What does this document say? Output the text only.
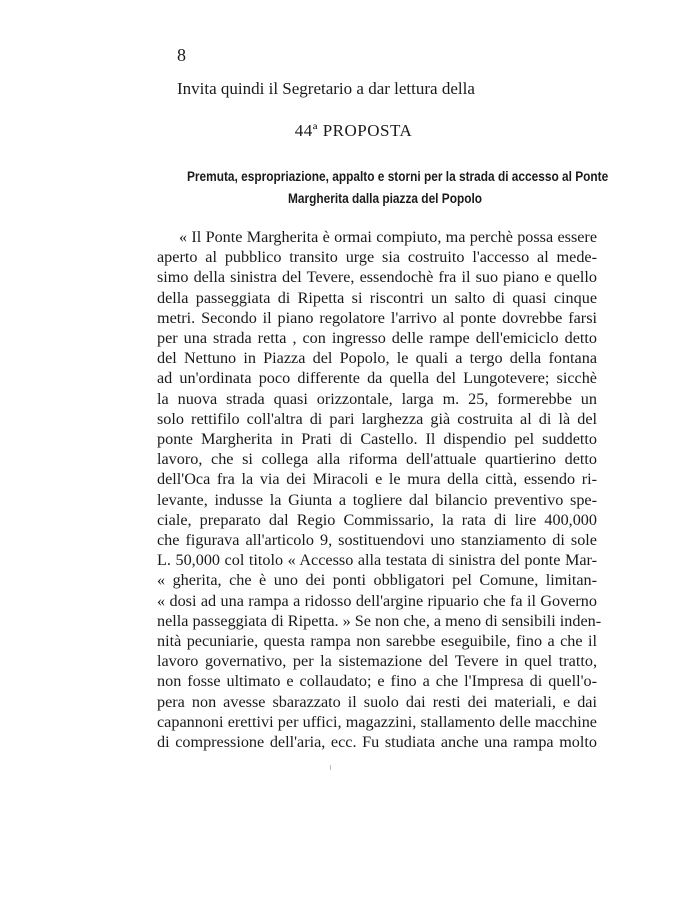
8
Invita quindi il Segretario a dar lettura della
44ª PROPOSTA
Premuta, espropriazione, appalto e storni per la strada di accesso al Ponte
Margherita dalla piazza del Popolo
« Il Ponte Margherita è ormai compiuto, ma perchè possa essere
aperto al pubblico transito urge sia costruito l'accesso al mede-
simo della sinistra del Tevere, essendochè fra il suo piano e quello
della passeggiata di Ripetta si riscontri un salto di quasi cinque
metri. Secondo il piano regolatore l'arrivo al ponte dovrebbe farsi
per una strada retta , con ingresso delle rampe dell'emiciclo detto
del Nettuno in Piazza del Popolo, le quali a tergo della fontana
ad un'ordinata poco differente da quella del Lungotevere; sicchè
la nuova strada quasi orizzontale, larga m. 25, formerebbe un
solo rettifilo coll'altra di pari larghezza già costruita al di là del
ponte Margherita in Prati di Castello. Il dispendio pel suddetto
lavoro, che si collega alla riforma dell'attuale quartierino detto
dell'Oca fra la via dei Miracoli e le mura della città, essendo ri-
levante, indusse la Giunta a togliere dal bilancio preventivo spe-
ciale, preparato dal Regio Commissario, la rata di lire 400,000
che figurava all'articolo 9, sostituendovi uno stanziamento di sole
L. 50,000 col titolo « Accesso alla testata di sinistra del ponte Mar-
« gherita, che è uno dei ponti obbligatori pel Comune, limitan-
« dosi ad una rampa a ridosso dell'argine ripuario che fa il Governo
nella passeggiata di Ripetta. » Se non che, a meno di sensibili inden-
nità pecuniarie, questa rampa non sarebbe eseguibile, fino a che il
lavoro governativo, per la sistemazione del Tevere in quel tratto,
non fosse ultimato e collaudato; e fino a che l'Impresa di quell'o-
pera non avesse sbarazzato il suolo dai resti dei materiali, e dai
capannoni erettivi per uffici, magazzini, stallamento delle macchine
di compressione dell'aria, ecc. Fu studiata anche una rampa molto
